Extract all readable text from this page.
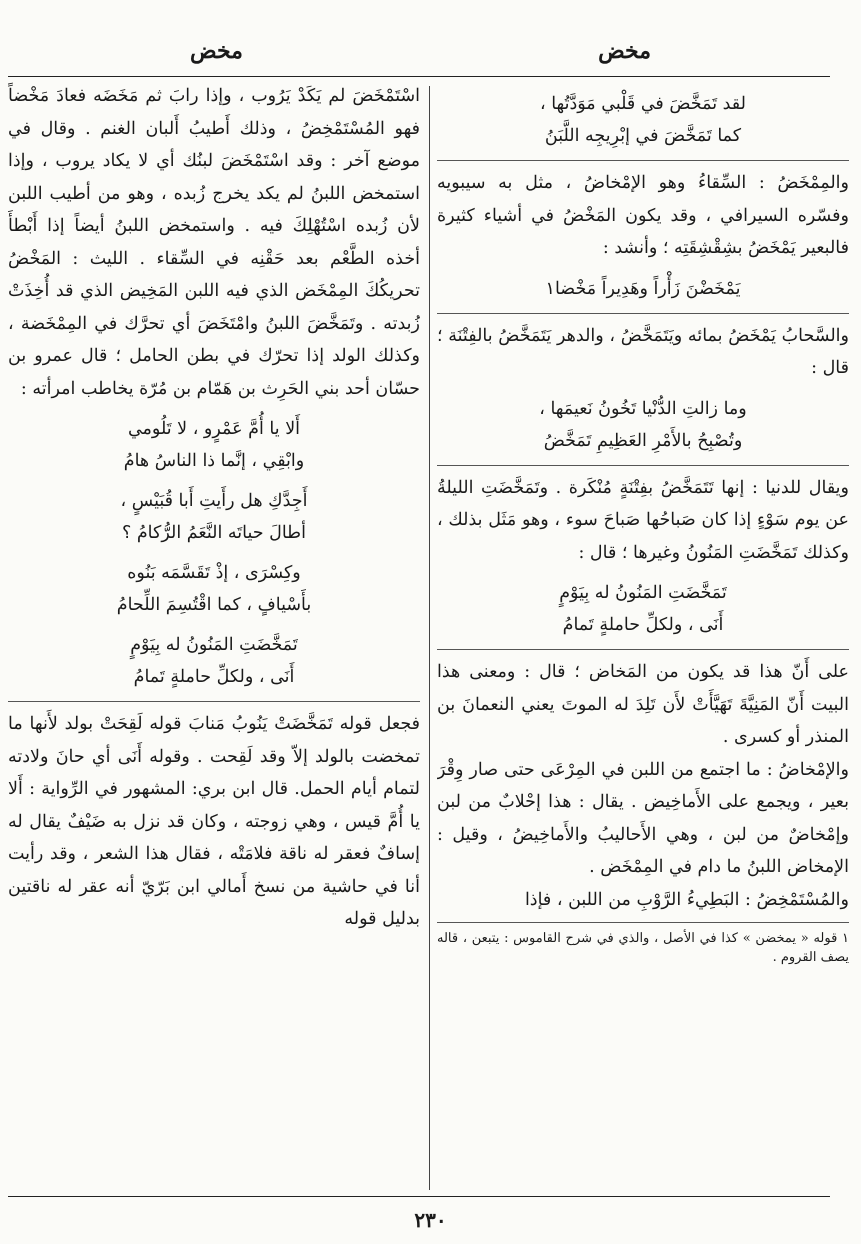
مخض
مخض
لقد تَمَخَّضَ في قَلْبي مَوَدَّتُها ،
كما تَمَخَّضَ في إبْرِيجِه اللَّبَنُ

والمِمْخَضُ : السِّقاءُ وهو الإمْخاضُ ، مثل به سيبويه وفسّره السيرافي ، وقد يكون المَخْضُ في أشياء كثيرة فالبعير يَمْخَضُ بشِقْشِقَتِه ؛ وأنشد :

يَمْخَضْنَ زَأْراً وهَدِيراً مَخْضا١

والسَّحابُ يَمْخَضُ بمائه ويَتَمَخَّضُ ، والدهر يَتَمَخَّضُ بالفِتْنَة ؛ قال :

وما زالتِ الدُّنْيا تَخُونُ نَعيمَها ،
وتُصْبِحُ بالأَمْرِ العَظِيمِ تَمَخَّضُ

ويقال للدنيا : إنها تَتَمَخَّضُ بفِتْنَةٍ مُنْكَرة . وتَمَخَّضَتِ الليلةُ عن يوم سَوْءٍ إذا كان صَباحُها صَباحَ سوء ، وهو مَثَل بذلك ، وكذلك تَمَخَّضَتِ المَنُونُ وغيرها ؛ قال :

تَمَخَّضَتِ المَنُونُ له بِيَوْمٍ
أَنَى ، ولكلِّ حاملةٍ تَمامُ

على أَنّ هذا قد يكون من المَخاض ؛ قال : ومعنى هذا البيت أَنّ المَنِيَّةَ تَهَيَّأَتْ لأَن تَلِدَ له الموتَ يعني النعمانَ بن المنذر أو كسرى .

والإمْخاضُ : ما اجتمع من اللبن في المِرْعَى حتى صار وِقْرَ بعير ، ويجمع على الأَماخِيض . يقال : هذا إحْلابٌ من لبن وإمْخاضٌ من لبن ، وهي الأَحاليبُ والأَماخِيضُ ، وقيل : الإمخاض اللبنُ ما دام في المِمْخَض .

والمُسْتَمْخِضُ : البَطِيءُ الرَّوْبِ من اللبن ، فإذا

١ قوله « يمخضن » كذا في الأصل ، والذي في شرح القاموس : يتبعن ، قاله يصف القروم .

اسْتَمْخَضَ لم يَكَدْ يَرُوب ، وإذا رابَ ثم مَخَضَه فعادَ مَخْضاً فهو المُسْتَمْخِضُ ، وذلك أَطيبُ أَلبان الغنم . وقال في موضع آخر : وقد اسْتَمْخَضَ لبنُك أي لا يكاد يروب ، وإذا استمخض اللبنُ لم يكد يخرج زُبده ، وهو من أطيب اللبن لأن زُبده اسْتُهْلِكَ فيه . واستمخض اللبنُ أيضاً إذا أَبْطأَ أخذه الطَّعْم بعد حَقْنِه في السِّقاء . الليث : المَخْضُ تحريكُكَ المِمْخَض الذي فيه اللبن المَخِيض الذي قد أُخِذَتْ زُبدته . وتَمَخَّضَ اللبنُ وامْتَخَضَ أي تحرَّك في المِمْخَضة ، وكذلك الولد إذا تحرّك في بطن الحامل ؛ قال عمرو بن حسّان أحد بني الحَرِث بن هَمّام بن مُرّة يخاطب امرأته :

أَلا يا أُمَّ عَمْرٍو ، لا تَلُومي
وابْقِي ، إنَّما ذا الناسُ هامُ
أَجِدَّكِ هل رأَيتِ أَبا قُبَيْسٍ ،
أطالَ حياتَه النَّعَمُ الرُّكامُ ؟
وكِسْرَى ، إذْ تَقَسَّمَه بَنُوه
بأَسْيافٍ ، كما اقْتُسِمَ اللِّحامُ
تَمَخَّضَتِ المَنُونُ له بِيَوْمٍ
أَنَى ، ولكلِّ حاملةٍ تَمامُ

فجعل قوله تَمَخَّضَتْ يَنُوبُ مَنابَ قوله لَقِحَتْ بولد لأَنها ما تمخضت بالولد إلاّ وقد لَقِحت . وقوله أَنَى أي حانَ ولادته لتمام أيام الحمل. قال ابن بري: المشهور في الرِّواية : أَلا يا أُمَّ قيس ، وهي زوجته ، وكان قد نزل به ضَيْفٌ يقال له إسافٌ فعقر له ناقة فلامَتْه ، فقال هذا الشعر ، وقد رأيت أنا في حاشية من نسخ أَمالي ابن بَرّيّ أنه عقر له ناقتين بدليل قوله

٢٣٠
